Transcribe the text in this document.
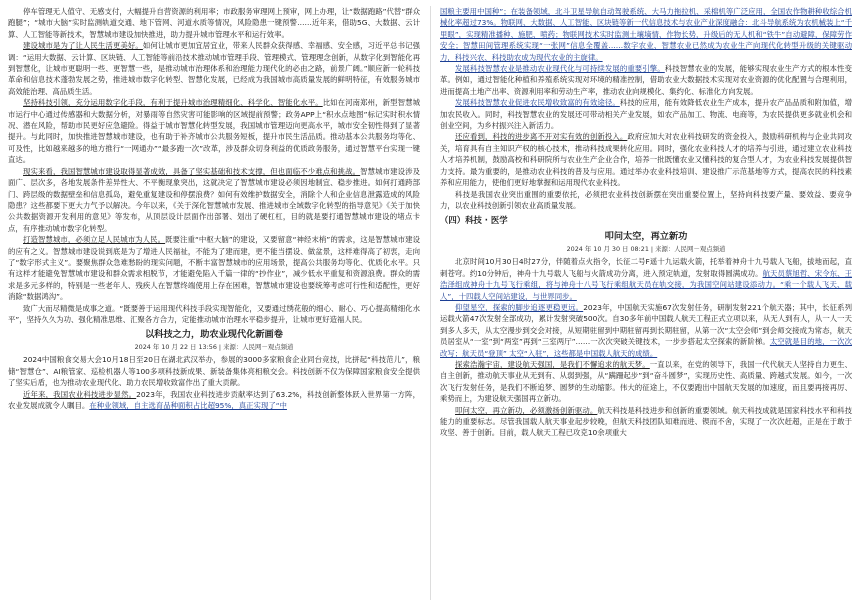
停车管理无人值守、无感支付，大幅提升自营资源的利用率；市政服务审理网上预审，网上办理，让“数据跑路”代替“群众跑腿”；“城市大脑”实时监测轨道交通、地下管网、河道水质等情况，风险隐患一键预警……近年来，借助5G、大数据、云计算、人工智能等新技术，智慧城市建设加快推进，助力提升城市管理水平和运行效率。

建设城市是为了让人民生活更美好。如何让城市更加宜居宜业，带来人民群众获得感、幸福感、安全感，习近平总书记强调：“运用大数据、云计算、区块链、人工智能等前沿技术推动城市管理手段、管理模式、管理理念创新，从数字化到智能化再到智慧化，让城市更聪明一些、更智慧一些，是推动城市治理体系和治理能力现代化的必由之路，前景广阔。”顺应新一轮科技革命和信息技术蓬勃发展之势，推进城市数字化转型、智慧化发展，已经成为我国城市高质量发展的鲜明特征，有效服务城市高效能治理、高品质生活。

坚持科技引领，充分运用数字化手段，有利于提升城市治理精细化、科学化、智能化水平。比如在河南郑州，新型智慧城市运行中心通过传感器和大数据分析，对暴雨等自然灾害可能影响的区域提前预警；政务APP上“积水点地图”标记实时积水情况、潜在风险，帮助市民更好应急避险。得益于城市智慧化转型发展，我国城市管理迈向更高水平，城市安全韧性得到了显著提升。与此同时，加快推进智慧城市建设，也有助于补齐城市公共服务短板，提升市民生活品质。推动基本公共服务均等化、可及性，比如越来越多的地方推行“一网通办”“最多跑一次”改革，涉及群众切身利益的优质政务服务，通过智慧平台实现一键直达。

现实来看，我国智慧城市建设取得显著成效，具备了坚实基础和技术支撑，但也面临不少难点和挑战。智慧城市建设涉及面广、层次多，各地发展条件差异性大、不平衡现象突出，这就决定了智慧城市建设必须因地制宜、稳步推进。如何打通跨部门、跨层级的数据壁垒和信息孤岛，避免重复建设和停摆浪费？如何有效维护数据安全，消除个人和企业信息泄露造成的风险隐患？这些都要下更大力气予以解决。今年以来，《关于深化智慧城市发展、推进城市全域数字化转型的指导意见》《关于加快公共数据资源开发利用的意见》等发布，从顶层设计层面作出部署、划出了硬杠杠，目的就是要打通智慧城市建设的堵点卡点，有序推动城市数字化转型。

打造智慧城市，必须立足人民城市为人民。既要注重“中枢大脑”的建设，又要留意“神经末梢”的需求，这是智慧城市建设的应有之义。智慧城市建设说到底是为了增进人民福祉，不能为了建而建，更不能当摆设、做盆景，这样难得高了初衷，走向了“数字形式主义”。要聚焦群众急难愁盼的现实问题，不断丰富智慧城市的应用场景，提高公共服务均等化、优质化水平。只有这样才能避免智慧城市建设和群众需求相脱节，才能避免陷入千篇一律的“抄作业”，减少低水平重复和资源浪费。群众的需求是多元多样的，特别是一些老年人、残疾人在智慧终端使用上存在困难，智慧城市建设也要统筹考虑可行性和适配性，更好消除“数据鸿沟”。

致广大而尽精微是成事之道。“既要善于运用现代科技手段实现智能化，又要通过绣花般的细心、耐心、巧心提高精细化水平”，坚持久久为功、强化精准思维、汇聚各方合力，定能推动城市治理水平稳步提升，让城市更好造福人民。

以科技之力，助农业现代化新画卷
2024 年 10 月 22 日 13:56 | 来源：人民网－观点频道

2024中国粮食交易大会10月18日至20日在湖北武汉举办，参展的3000多家粮食企业同台竞技，比拼起“科技范儿”，粮储“智慧仓”、AI粮管家、巡检机器人等100多项科技新成果、新装备集体亮相粮交会。科技创新不仅为保障国家粮食安全提供了坚实后盾，也为推动农业现代化、助力农民增收致富作出了重大贡献。

近年来，我国农业科技进步显然。2023年，我国农业科技进步贡献率达到了63.2%，科技创新整体跃入世界第一方阵，农业发展成就令人瞩目。在种业领域，自主选育品种面积占比超95%，真正实现了“中

国粮主要用中国种”；在装备领域，北斗卫星导航自动驾驶系统、大马力拖拉机、采棉机等广泛应用，全国农作物耕种收综合机械化率超过73%。物联网、大数据、人工智能、区块链等新一代信息技术与农业产业深度融合：北斗导航系统为农机械装上“千里眼”，实现精准播种、施肥、喷药；物联网技术实时监测土壤墒情、作物长势，升级后的无人机和“铁牛”自动避障，保障劳作安全；智慧田间管理系统实现“一张网”信息全覆盖……数字农业、智慧农业已然成为农业生产向现代化转型升级的关键驱动力，科技兴农、科技助农成为现代农业的主旋律。

发展科技智慧农业是推动农业现代化与可持续发展的重要引擎。科技智慧农业的发展，能够实现农业生产方式的根本性变革。例如，通过智能化种植和养殖系统实现对环境的精准控制，借助农业大数据技术实现对农业资源的优化配置与合理利用，进而提高土地产出率、资源利用率和劳动生产率，推动农业向规模化、集约化、标准化方向发展。

发展科技智慧农业促进农民增收致富的有效途径。科技的应用，能有效降低农业生产成本，提升农产品品质和附加值，增加农民收入。同时，科技智慧农业的发展还可带动相关产业发展，如农产品加工、物流、电商等，为农民提供更多就业机会和创业空间，为乡村振兴注入新活力。

还应看到，科技的进步离不开对实有效的创新投入。政府应加大对农业科技研发的资金投入，鼓励科研机构与企业共同攻关，培育具有自主知识产权的核心技术，推动科技成果转化应用。同时，强化农业科技人才的培养与引进，通过建立农业科技人才培养机制，鼓励高校和科研院所与农业生产企业合作，培养一批既懂农业又懂科技的复合型人才，为农业科技发展提供智力支持。最为重要的，是推动农业科技的普及与应用。通过举办农业科技培训、建设推广示范基地等方式，提高农民的科技素养和应用能力，使他们更好地掌握和运用现代农业科技。

科技是我国农业突出重围的重要依托，必须把农业科技创新摆在突出重要位置上，坚持向科技要产量、要效益、要竞争力，以农业科技创新引领农业高质量发展。

（四）科技 · 医学
叩问太空，再立新功
2024 年 10 月 30 日 08:21 | 来源：人民网－观点频道

北京时间10月30日4时27分，伴随着点火指令，长征二号F遥十九运载火箭，托举着神舟十九号载人飞船，拔地而起，直刺苍穹。约10分钟后，神舟十九号载人飞船与火箭成功分离，进入预定轨道，发射取得圆满成功。航天员蔡旭哲、宋令东、王浩泽组成神舟十九号飞行乘组，将与神舟十八号飞行乘组航天员在轨交接，为我国空间站建设添动力。“乘一个载人飞天、载人”，十四载人空间站建设，与世界同步。

仰望星空，探索的脚步追逐更稳更远。2023年，中国航天实施67次发射任务，研制发射221个航天器；其中，长征系列运载火箭47次发射全部成功，累计发射突破500次。自30多年前中国载人航天工程正式立项以来，从无人到有人，从一人一天到多人多天，从太空漫步到交会对接，从短期驻留到中期驻留再到长期驻留，从第一次“太空会师”到会师交接成为常态，航天员居室从“一室”到“两室”再到“三室两厅”……一次次突破关键技术，一步步搭起太空探索的新阶梯。太空就是目的地，一次次改写；航天员“登顶” 太空“入驻”，这些都是中国载人航天的成绩。

探索浩瀚宇宙，建设航天强国，是我们不懈追求的航天梦。一直以来，在党的领导下，我国一代代航天人坚持自力更生、自主创新，推动航天事业从无到有、从弱到强，从“蹒跚起步”到“奋斗圆梦”，实现历史性、高质量、跨越式发展。如今，一次次飞行发射任务，是我们不断追梦、圆梦的生动缩影。伟大的征途上，不仅要跑出中国航天发展的加速度，而且要再接再厉、乘势而上，为建设航天强国再立新功。

叩问太空，再立新功，必须激扬创新驱动。航天科技是科技进步和创新的重要领域。航天科技成就是国家科技水平和科技能力的重要标志。尽管我国载人航天事业起步较晚，但航天科技团队知难而进、锲而不舍，实现了一次次赶超，正是在于敢于攻坚、善于创新。目前，载人航天工程已攻克10余项重大
